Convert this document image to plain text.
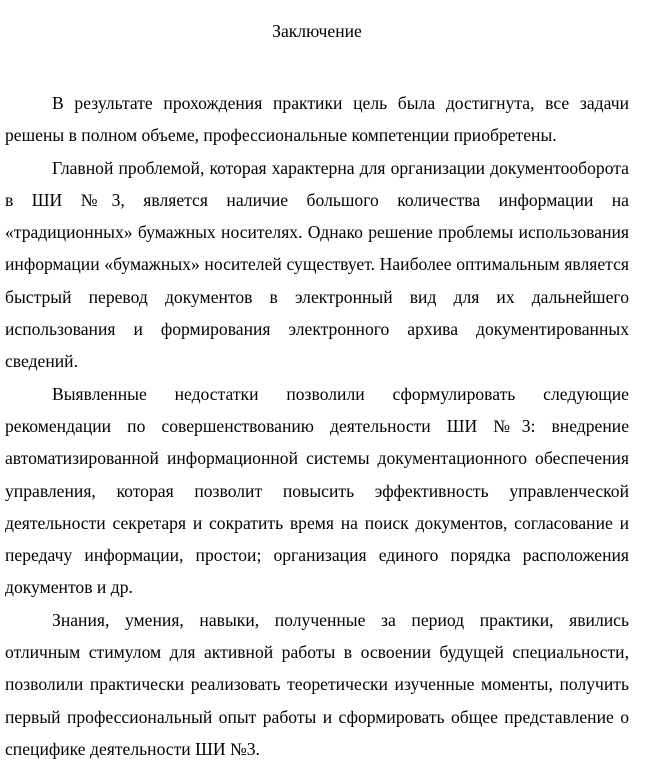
Заключение

В результате прохождения практики цель была достигнута, все задачи решены в полном объеме, профессиональные компетенции приобретены.

Главной проблемой, которая характерна для организации документооборота в ШИ №3, является наличие большого количества информации на «традиционных» бумажных носителях. Однако решение проблемы использования информации «бумажных» носителей существует. Наиболее оптимальным является быстрый перевод документов в электронный вид для их дальнейшего использования и формирования электронного архива документированных сведений.

Выявленные недостатки позволили сформулировать следующие рекомендации по совершенствованию деятельности ШИ №3: внедрение автоматизированной информационной системы документационного обеспечения управления, которая позволит повысить эффективность управленческой деятельности секретаря и сократить время на поиск документов, согласование и передачу информации, простои; организация единого порядка расположения документов и др.

Знания, умения, навыки, полученные за период практики, явились отличным стимулом для активной работы в освоении будущей специальности, позволили практически реализовать теоретически изученные моменты, получить первый профессиональный опыт работы и сформировать общее представление о специфике деятельности ШИ №3.
